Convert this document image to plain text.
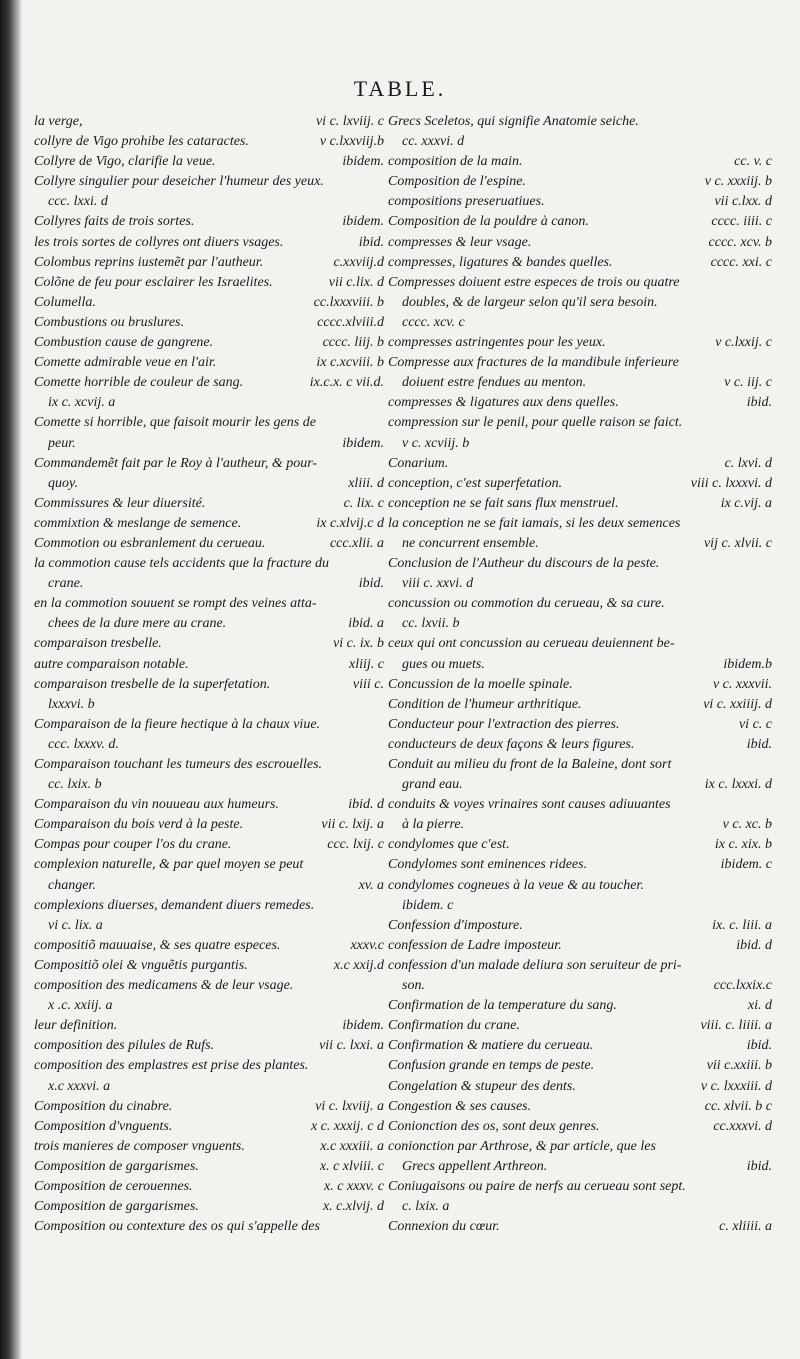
TABLE.
la verge,	vi c. lxviij. c
collyre de Vigo prohibe les cataractes.	v c.lxxviij.b
Collyre de Vigo, clarifie la veue.	ibidem.
Collyre singulier pour deseicher l'humeur des yeux.
ccc. lxxi. d
Collyres faits de trois sortes.	ibidem.
les trois sortes de collyres ont diuers vsages.	ibid.
Colombus reprins iustemẽt par l'autheur.	c.xxviij.d
Colõne de feu pour esclairer les Israelites.	vii c.lix. d
Columella.	cc.lxxxviii. b
Combustions ou bruslures.	cccc.xlviii.d
Combustion cause de gangrene.	cccc. liij. b
Comette admirable veue en l'air.	ix c.xcviii. b
Comette horrible de couleur de sang.	ix.c.x. c vii.d.
ix c. xcvij. a
Comette si horrible, que faisoit mourir les gens de
peur.	ibidem.
Commandemẽt fait par le Roy à l'autheur, & pour-
quoy.	xliii. d
Commissures & leur diuersité.	c. lix. c
commixtion & meslange de semence.	ix c.xlvij.c d
Commotion ou esbranlement du cerueau.	ccc.xlii. a
la commotion cause tels accidents que la fracture du
crane.	ibid.
en la commotion souuent se rompt des veines atta-
chees de la dure mere au crane.	ibid. a
comparaison tresbelle.	vi c. ix. b
autre comparaison notable.	xliij. c
comparaison tresbelle de la superfetation.	viii c.
lxxxvi. b
Comparaison de la fieure hectique à la chaux viue.
ccc. lxxxv. d.
Comparaison touchant les tumeurs des escrouelles.
cc. lxix. b
Comparaison du vin nouueau aux humeurs.	ibid. d
Comparaison du bois verd à la peste.	vii c. lxij. a
Compas pour couper l'os du crane.	ccc. lxij. c
complexion naturelle, & par quel moyen se peut
changer.	xv. a
complexions diuerses, demandent diuers remedes.
vi c. lix. a
compositiõ mauuaise, & ses quatre especes.	xxxv.c
Compositiõ olei & vnguẽtis purgantis.	x.c xxij.d
composition des medicamens & de leur vsage.
x .c. xxiij. a
leur definition.	ibidem.
composition des pilules de Rufs.	vii c. lxxi. a
composition des emplastres est prise des plantes.
x.c xxxvi. a
Composition du cinabre.	vi c. lxviij. a
Composition d'vnguents.	x c. xxxij. c d
trois manieres de composer vnguents.	x.c xxxiii. a
Composition de gargarismes.	x. c xlviii. c
Composition de cerouennes.	x. c xxxv. c
Composition de gargarismes.	x. c.xlvij. d
Composition ou contexture des os qui s'appelle des
Grecs Sceletos, qui signifie Anatomie seiche.
cc. xxxvi. d
composition de la main.	cc. v. c
Composition de l'espine.	v c. xxxiij. b
compositions preseruatiues.	vii c.lxx. d
Composition de la pouldre à canon.	cccc. iiii. c
compresses & leur vsage.	cccc. xcv. b
compresses, ligatures & bandes quelles.	cccc. xxi. c
Compresses doiuent estre especes de trois ou quatre
doubles, & de largeur selon qu'il sera besoin.
cccc. xcv. c
compresses astringentes pour les yeux.	v c.lxxij. c
Compresse aux fractures de la mandibule inferieure
doiuent estre fendues au menton.	v c. iij. c
compresses & ligatures aux dens quelles.	ibid.
compression sur le penil, pour quelle raison se faict.
v c. xcviij. b
Conarium.	c. lxvi. d
conception, c'est superfetation.	viii c. lxxxvi. d
conception ne se fait sans flux menstruel.	ix c.vij. a
la conception ne se fait iamais, si les deux semences
ne concurrent ensemble.	vij c. xlvii. c
Conclusion de l'Autheur du discours de la peste.
viii c. xxvi. d
concussion ou commotion du cerueau, & sa cure.
cc. lxvii. b
ceux qui ont concussion au cerueau deuiennent be-
gues ou muets.	ibidem.b
Concussion de la moelle spinale.	v c. xxxvii.
Condition de l'humeur arthritique.	vi c. xxiiij. d
Conducteur pour l'extraction des pierres.	vi c. c
conducteurs de deux façons & leurs figures.	ibid.
Conduit au milieu du front de la Baleine, dont sort
grand eau.	ix c. lxxxi. d
conduits & voyes vrinaires sont causes adiuuantes
à la pierre.	v c. xc. b
condylomes que c'est.	ix c. xix. b
Condylomes sont eminences ridees.	ibidem. c
condylomes cogneues à la veue & au toucher.
ibidem. c
Confession d'imposture.	ix. c. liii. a
confession de Ladre imposteur.	ibid. d
confession d'un malade deliura son seruiteur de pri-
son.	ccc.lxxix.c
Confirmation de la temperature du sang.	xi. d
Confirmation du crane.	viii. c. liiii. a
Confirmation & matiere du cerueau.	ibid.
Confusion grande en temps de peste.	vii c.xxiii. b
Congelation & stupeur des dents.	v c. lxxxiii. d
Congestion & ses causes.	cc. xlvii. b c
Conionction des os, sont deux genres.	cc.xxxvi. d
conionction par Arthrose, & par article, que les
Grecs appellent Arthreon.	ibid.
Coniugaisons ou paire de nerfs au cerueau sont sept.
c. lxix. a
Connexion du cœur.	c. xliiii. a
